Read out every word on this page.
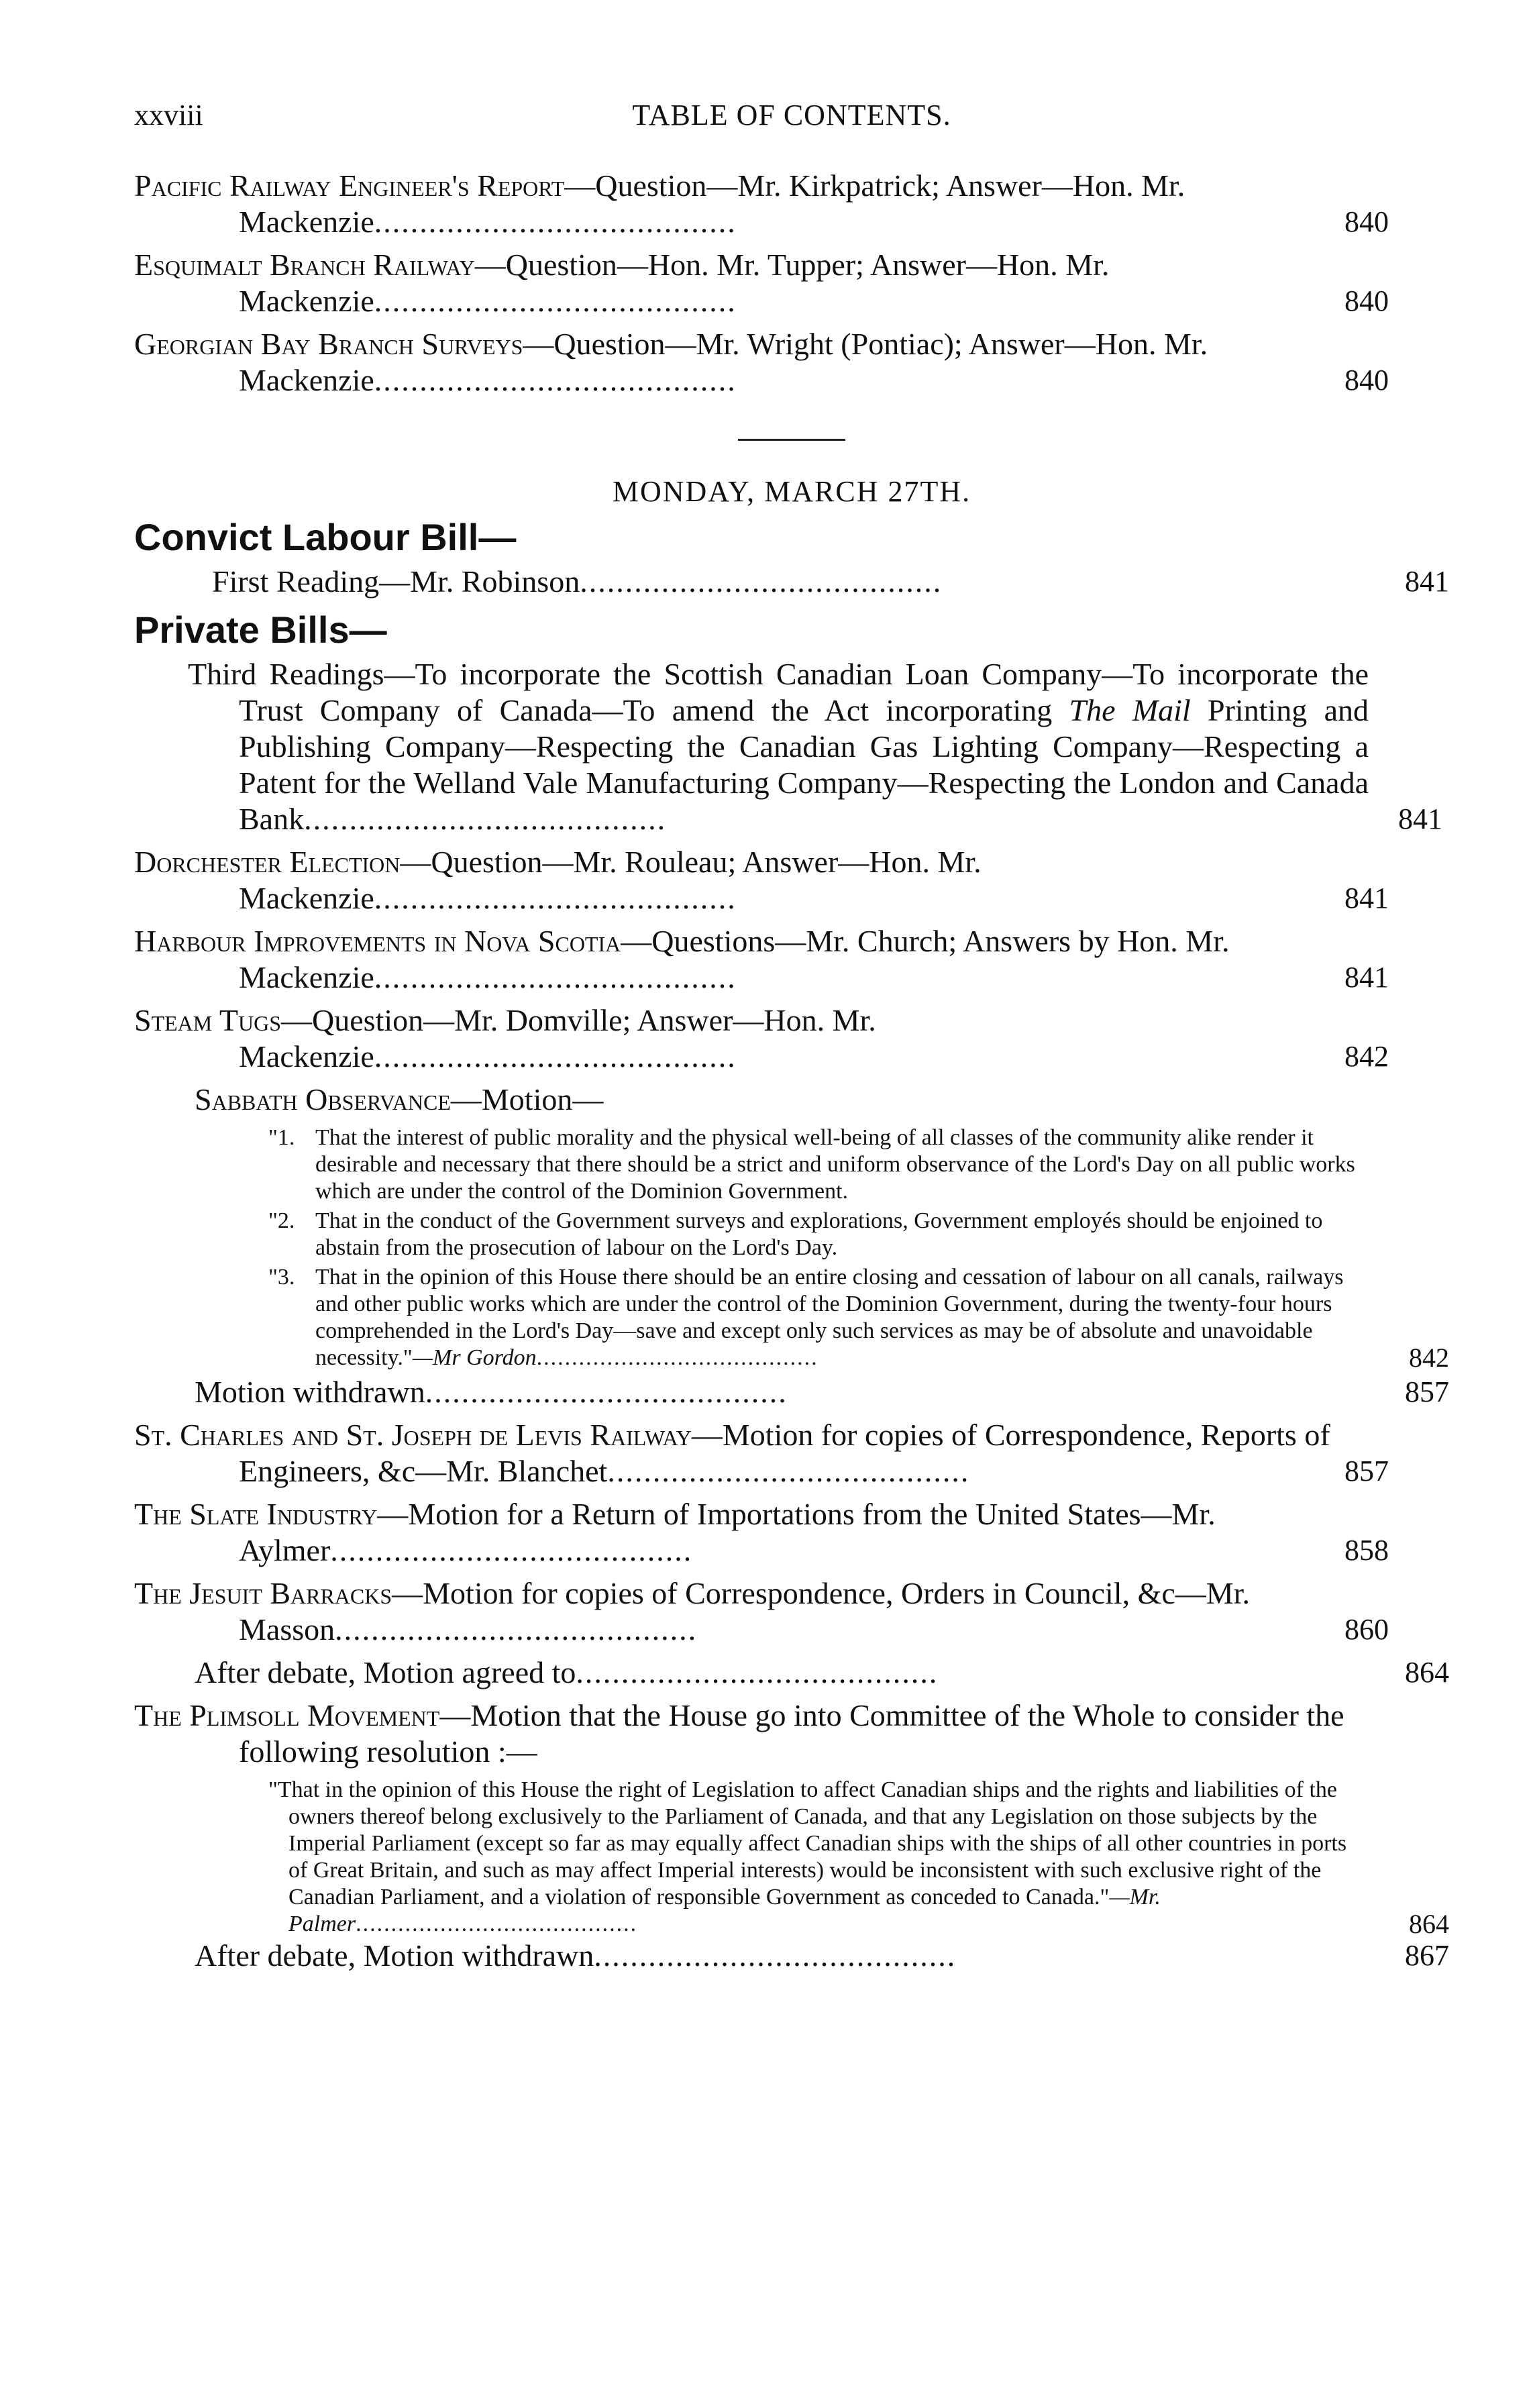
xxviii	TABLE OF CONTENTS.
Pacific Railway Engineer's Report—Question—Mr. Kirkpatrick; Answer—Hon. Mr. Mackenzie........................................	840
Esquimalt Branch Railway—Question—Hon. Mr. Tupper; Answer—Hon. Mr. Mackenzie........................................	840
Georgian Bay Branch Surveys—Question—Mr. Wright (Pontiac); Answer—Hon. Mr. Mackenzie........................................	840
MONDAY, MARCH 27TH.
Convict Labour Bill—
First Reading—Mr. Robinson........................................	841
Private Bills—
Third Readings—To incorporate the Scottish Canadian Loan Company—To incorporate the Trust Company of Canada—To amend the Act incorporating The Mail Printing and Publishing Company—Respecting the Canadian Gas Lighting Company—Respecting a Patent for the Welland Vale Manufacturing Company—Respecting the London and Canada Bank........................................	841
Dorchester Election—Question—Mr. Rouleau; Answer—Hon. Mr. Mackenzie........................................	841
Harbour Improvements in Nova Scotia—Questions—Mr. Church; Answers by Hon. Mr. Mackenzie........................................	841
Steam Tugs—Question—Mr. Domville; Answer—Hon. Mr. Mackenzie........................................	842
Sabbath Observance—Motion—
"1. That the interest of public morality and the physical well-being of all classes of the community alike render it desirable and necessary that there should be a strict and uniform observance of the Lord's Day on all public works which are under the control of the Dominion Government.
"2. That in the conduct of the Government surveys and explorations, Government employés should be enjoined to abstain from the prosecution of labour on the Lord's Day.
"3. That in the opinion of this House there should be an entire closing and cessation of labour on all canals, railways and other public works which are under the control of the Dominion Government, during the twenty-four hours comprehended in the Lord's Day—save and except only such services as may be of absolute and unavoidable necessity."—Mr Gordon........................................	842
Motion withdrawn........................................	857
St. Charles and St. Joseph de Levis Railway—Motion for copies of Correspondence, Reports of Engineers, &c—Mr. Blanchet........................................	857
The Slate Industry—Motion for a Return of Importations from the United States—Mr. Aylmer........................................	858
The Jesuit Barracks—Motion for copies of Correspondence, Orders in Council, &c—Mr. Masson........................................	860
After debate, Motion agreed to........................................	864
The Plimsoll Movement—Motion that the House go into Committee of the Whole to consider the following resolution :—
"That in the opinion of this House the right of Legislation to affect Canadian ships and the rights and liabilities of the owners thereof belong exclusively to the Parliament of Canada, and that any Legislation on those subjects by the Imperial Parliament (except so far as may equally affect Canadian ships with the ships of all other countries in ports of Great Britain, and such as may affect Imperial interests) would be inconsistent with such exclusive right of the Canadian Parliament, and a violation of responsible Government as conceded to Canada."—Mr. Palmer........................................	864
After debate, Motion withdrawn........................................	867
